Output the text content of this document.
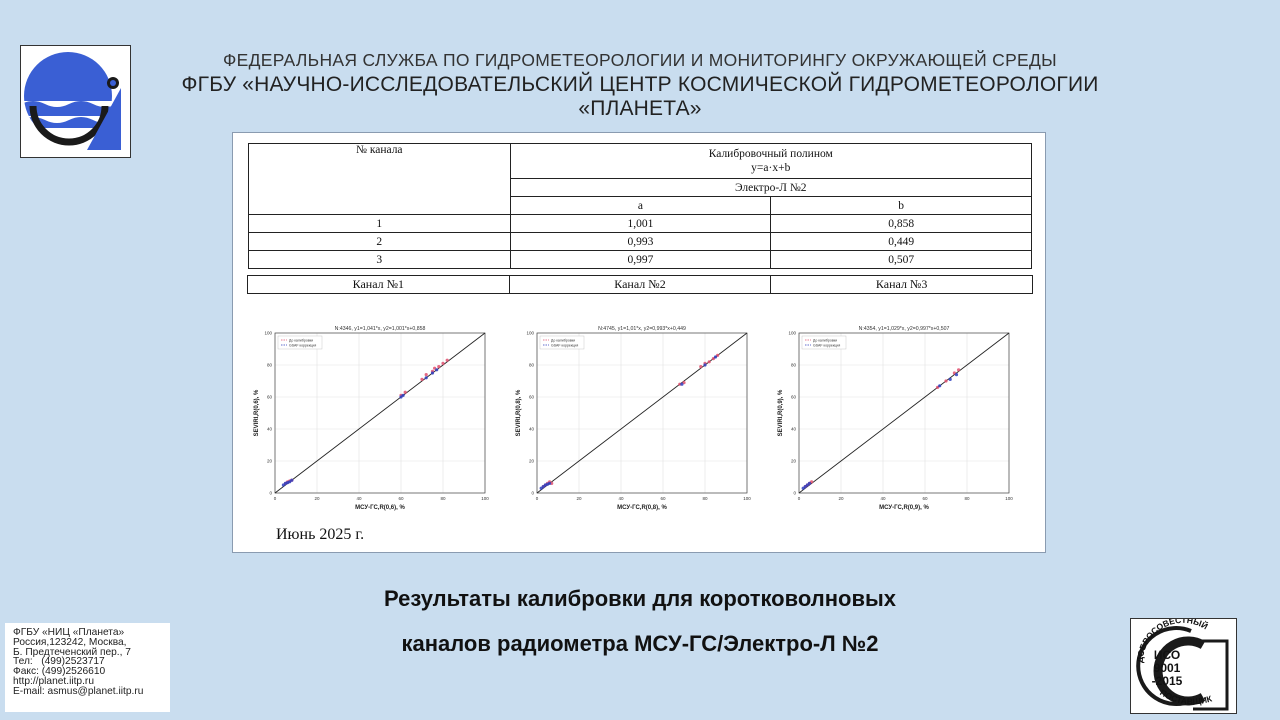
ФЕДЕРАЛЬНАЯ СЛУЖБА ПО ГИДРОМЕТЕОРОЛОГИИ И МОНИТОРИНГУ ОКРУЖАЮЩЕЙ СРЕДЫ
ФГБУ «НАУЧНО-ИССЛЕДОВАТЕЛЬСКИЙ ЦЕНТР КОСМИЧЕСКОЙ ГИДРОМЕТЕОРОЛОГИИ «ПЛАНЕТА»
№ канала	Калибровочный полином
y=a·x+b	

	Электро-Л №2	
	a	b
1	1,001	0,858
2	0,993	0,449
3	0,997	0,507
Канал №1	Канал №2	Канал №3
0
0
20
20
40
40
60
60
80
80
100
100
До калибровки
GSAF коррекция
N:4346, y1=1,041*x, y2=1,001*x+0,858
МСУ-ГС,R(0,6), %
SEVIRI,R(0,6), %
0
0
20
20
40
40
60
60
80
80
100
100
До калибровки
GSAF коррекция
N:4745, y1=1,01*x, y2=0,993*x+0,449
МСУ-ГС,R(0,8), %
SEVIRI,R(0,8), %
0
0
20
20
40
40
60
60
80
80
100
100
До калибровки
GSAF коррекция
N:4354, y1=1,029*x, y2=0,997*x+0,507
МСУ-ГС,R(0,9), %
SEVIRI,R(0,9), %
Июнь 2025 г.
Результаты калибровки для коротковолновых
каналов радиометра МСУ-ГС/Электро-Л №2
ФГБУ «НИЦ «Планета»
Россия,123242, Москва,
Б. Предтеченский пер., 7
Тел:   (499)2523717
Факс: (499)2526610
http://planet.iitp.ru
E-mail: asmus@planet.iitp.ru
ДОБРОСОВЕСТНЫЙ
ИСО
9001
-2015
ПОСТАВЩИК
